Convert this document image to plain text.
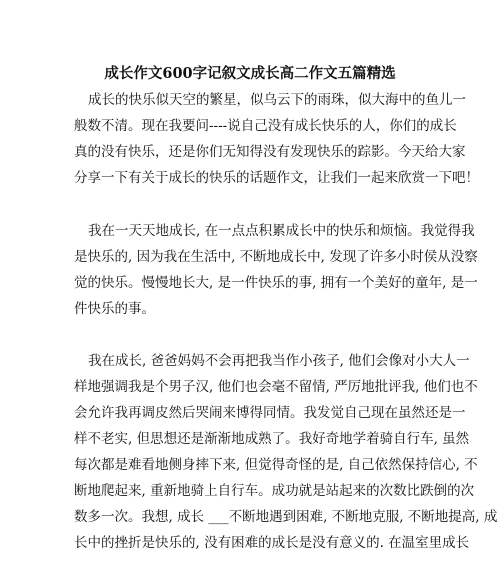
成长作文600字记叙文成长高二作文五篇精选
成长的快乐似天空的繁星，似乌云下的雨珠，似大海中的鱼儿一
般数不清。现在我要问----说自己没有成长快乐的人，你们的成长
真的没有快乐，还是你们无知得没有发现快乐的踪影。今天给大家
分享一下有关于成长的快乐的话题作文，让我们一起来欣赏一下吧！
我在一天天地成长, 在一点点积累成长中的快乐和烦恼。我觉得我
是快乐的, 因为我在生活中, 不断地成长中, 发现了许多小时侯从没察
觉的快乐。慢慢地长大, 是一件快乐的事, 拥有一个美好的童年, 是一
件快乐的事。
我在成长, 爸爸妈妈不会再把我当作小孩子, 他们会像对小大人一
样地强调我是个男子汉, 他们也会毫不留情, 严厉地批评我, 他们也不
会允许我再调皮然后哭闹来博得同情。我发觉自己现在虽然还是一
样不老实, 但思想还是渐渐地成熟了。我好奇地学着骑自行车, 虽然
每次都是难看地侧身摔下来, 但觉得奇怪的是, 自己依然保持信心, 不
断地爬起来, 重新地骑上自行车。成功就是站起来的次数比跌倒的次
数多一次。我想, 成长 ___不断地遇到困难, 不断地克服, 不断地提高, 成
长中的挫折是快乐的, 没有困难的成长是没有意义的. 在温室里成长
